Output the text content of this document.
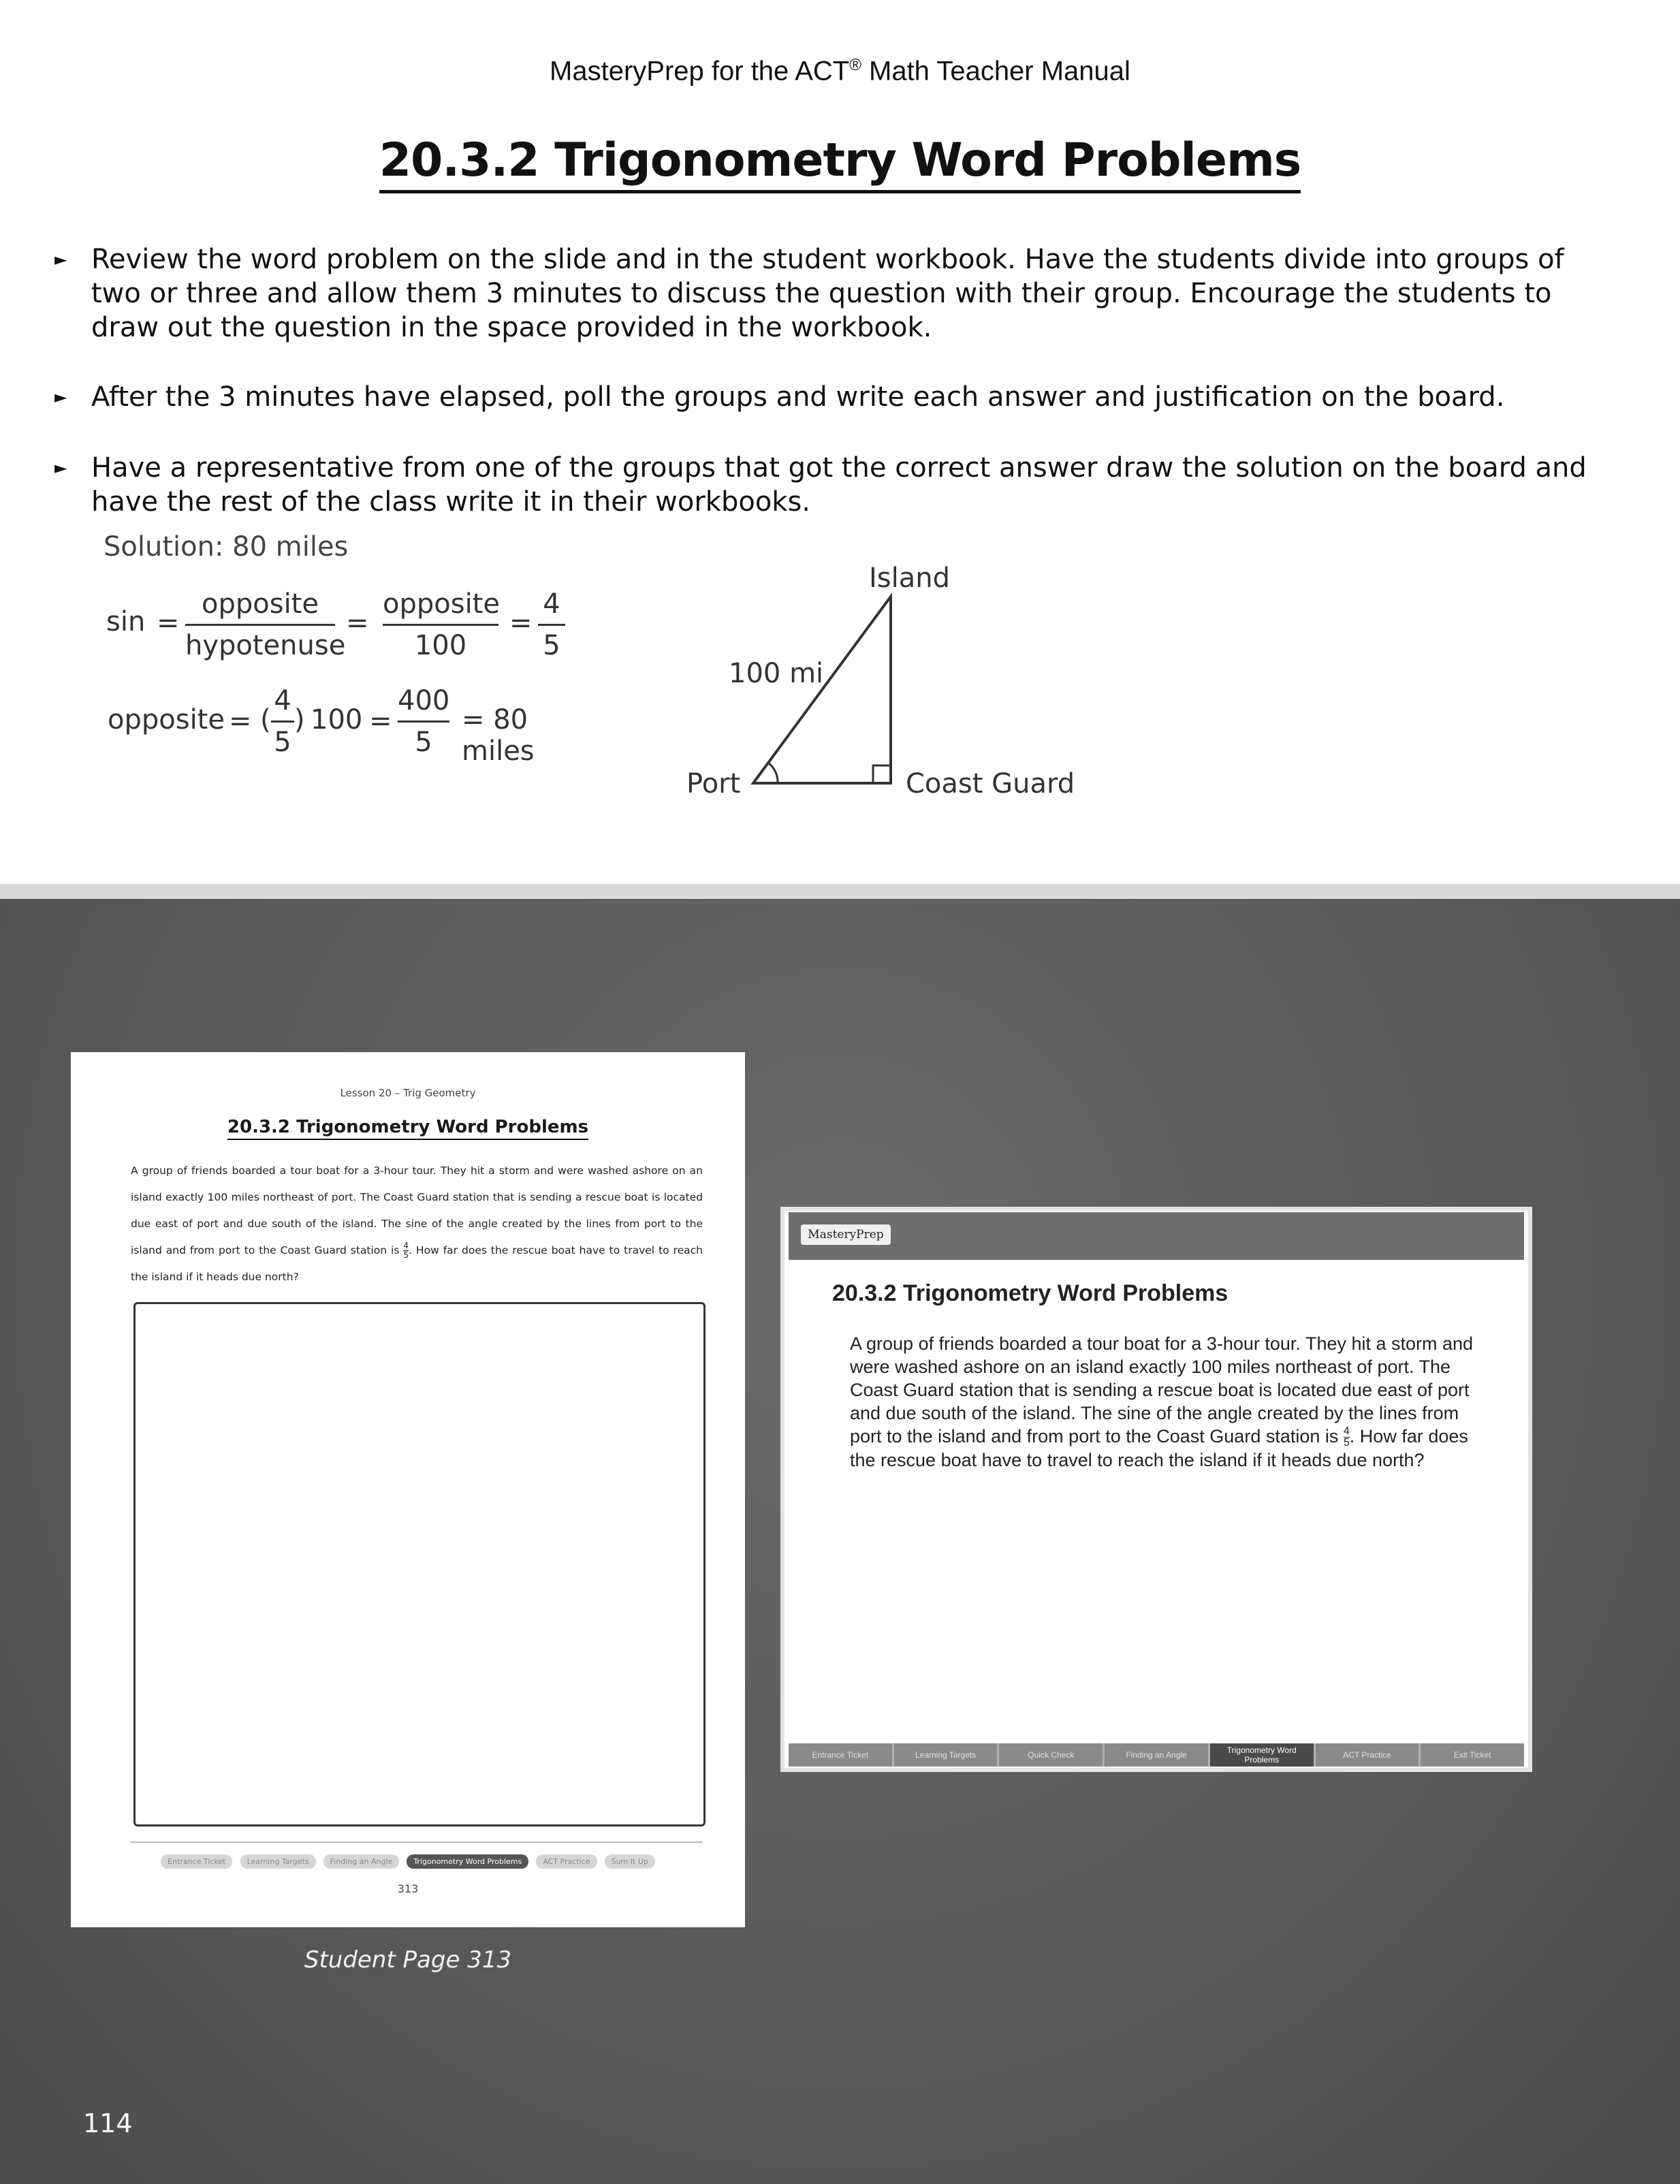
MasteryPrep for the ACT® Math Teacher Manual
20.3.2 Trigonometry Word Problems
► Review the word problem on the slide and in the student workbook. Have the students divide into groups of two or three and allow them 3 minutes to discuss the question with their group. Encourage the students to draw out the question in the space provided in the workbook.
► After the 3 minutes have elapsed, poll the groups and write each answer and justification on the board.
► Have a representative from one of the groups that got the correct answer draw the solution on the board and have the rest of the class write it in their workbooks.
Solution: 80 miles
sin =
opposite
hypotenuse
=
opposite
100
=
4
5
opposite = (
4
5
) 100 =
400
5
= 80 miles
Island
100 mi
Port	Coast Guard
Lesson 20 – Trig Geometry
20.3.2 Trigonometry Word Problems
A group of friends boarded a tour boat for a 3-hour tour. They hit a storm and were washed ashore on an island exactly 100 miles northeast of port. The Coast Guard station that is sending a rescue boat is located due east of port and due south of the island. The sine of the angle created by the lines from port to the island and from port to the Coast Guard station is $\frac{4}{5}$ . How far does the rescue boat have to travel to reach the island if it heads due north?
Entrance Ticket	Learning Targets	Finding an Angle	Trigonometry Word Problems	ACT Practice	Sum It Up
313
Student Page 313
MasteryPrep
20.3.2 Trigonometry Word Problems
A group of friends boarded a tour boat for a 3-hour tour. They hit a storm and were washed ashore on an island exactly 100 miles northeast of port. The Coast Guard station that is sending a rescue boat is located due east of port and due south of the island. The sine of the angle created by the lines from port to the island and from port to the Coast Guard station is $\frac{4}{5}$ . How far does the rescue boat have to travel to reach the island if it heads due north?
Entrance Ticket	Learning Targets	Quick Check	Finding an Angle	Trigonometry Word Problems	ACT Practice	Exit Ticket
114
